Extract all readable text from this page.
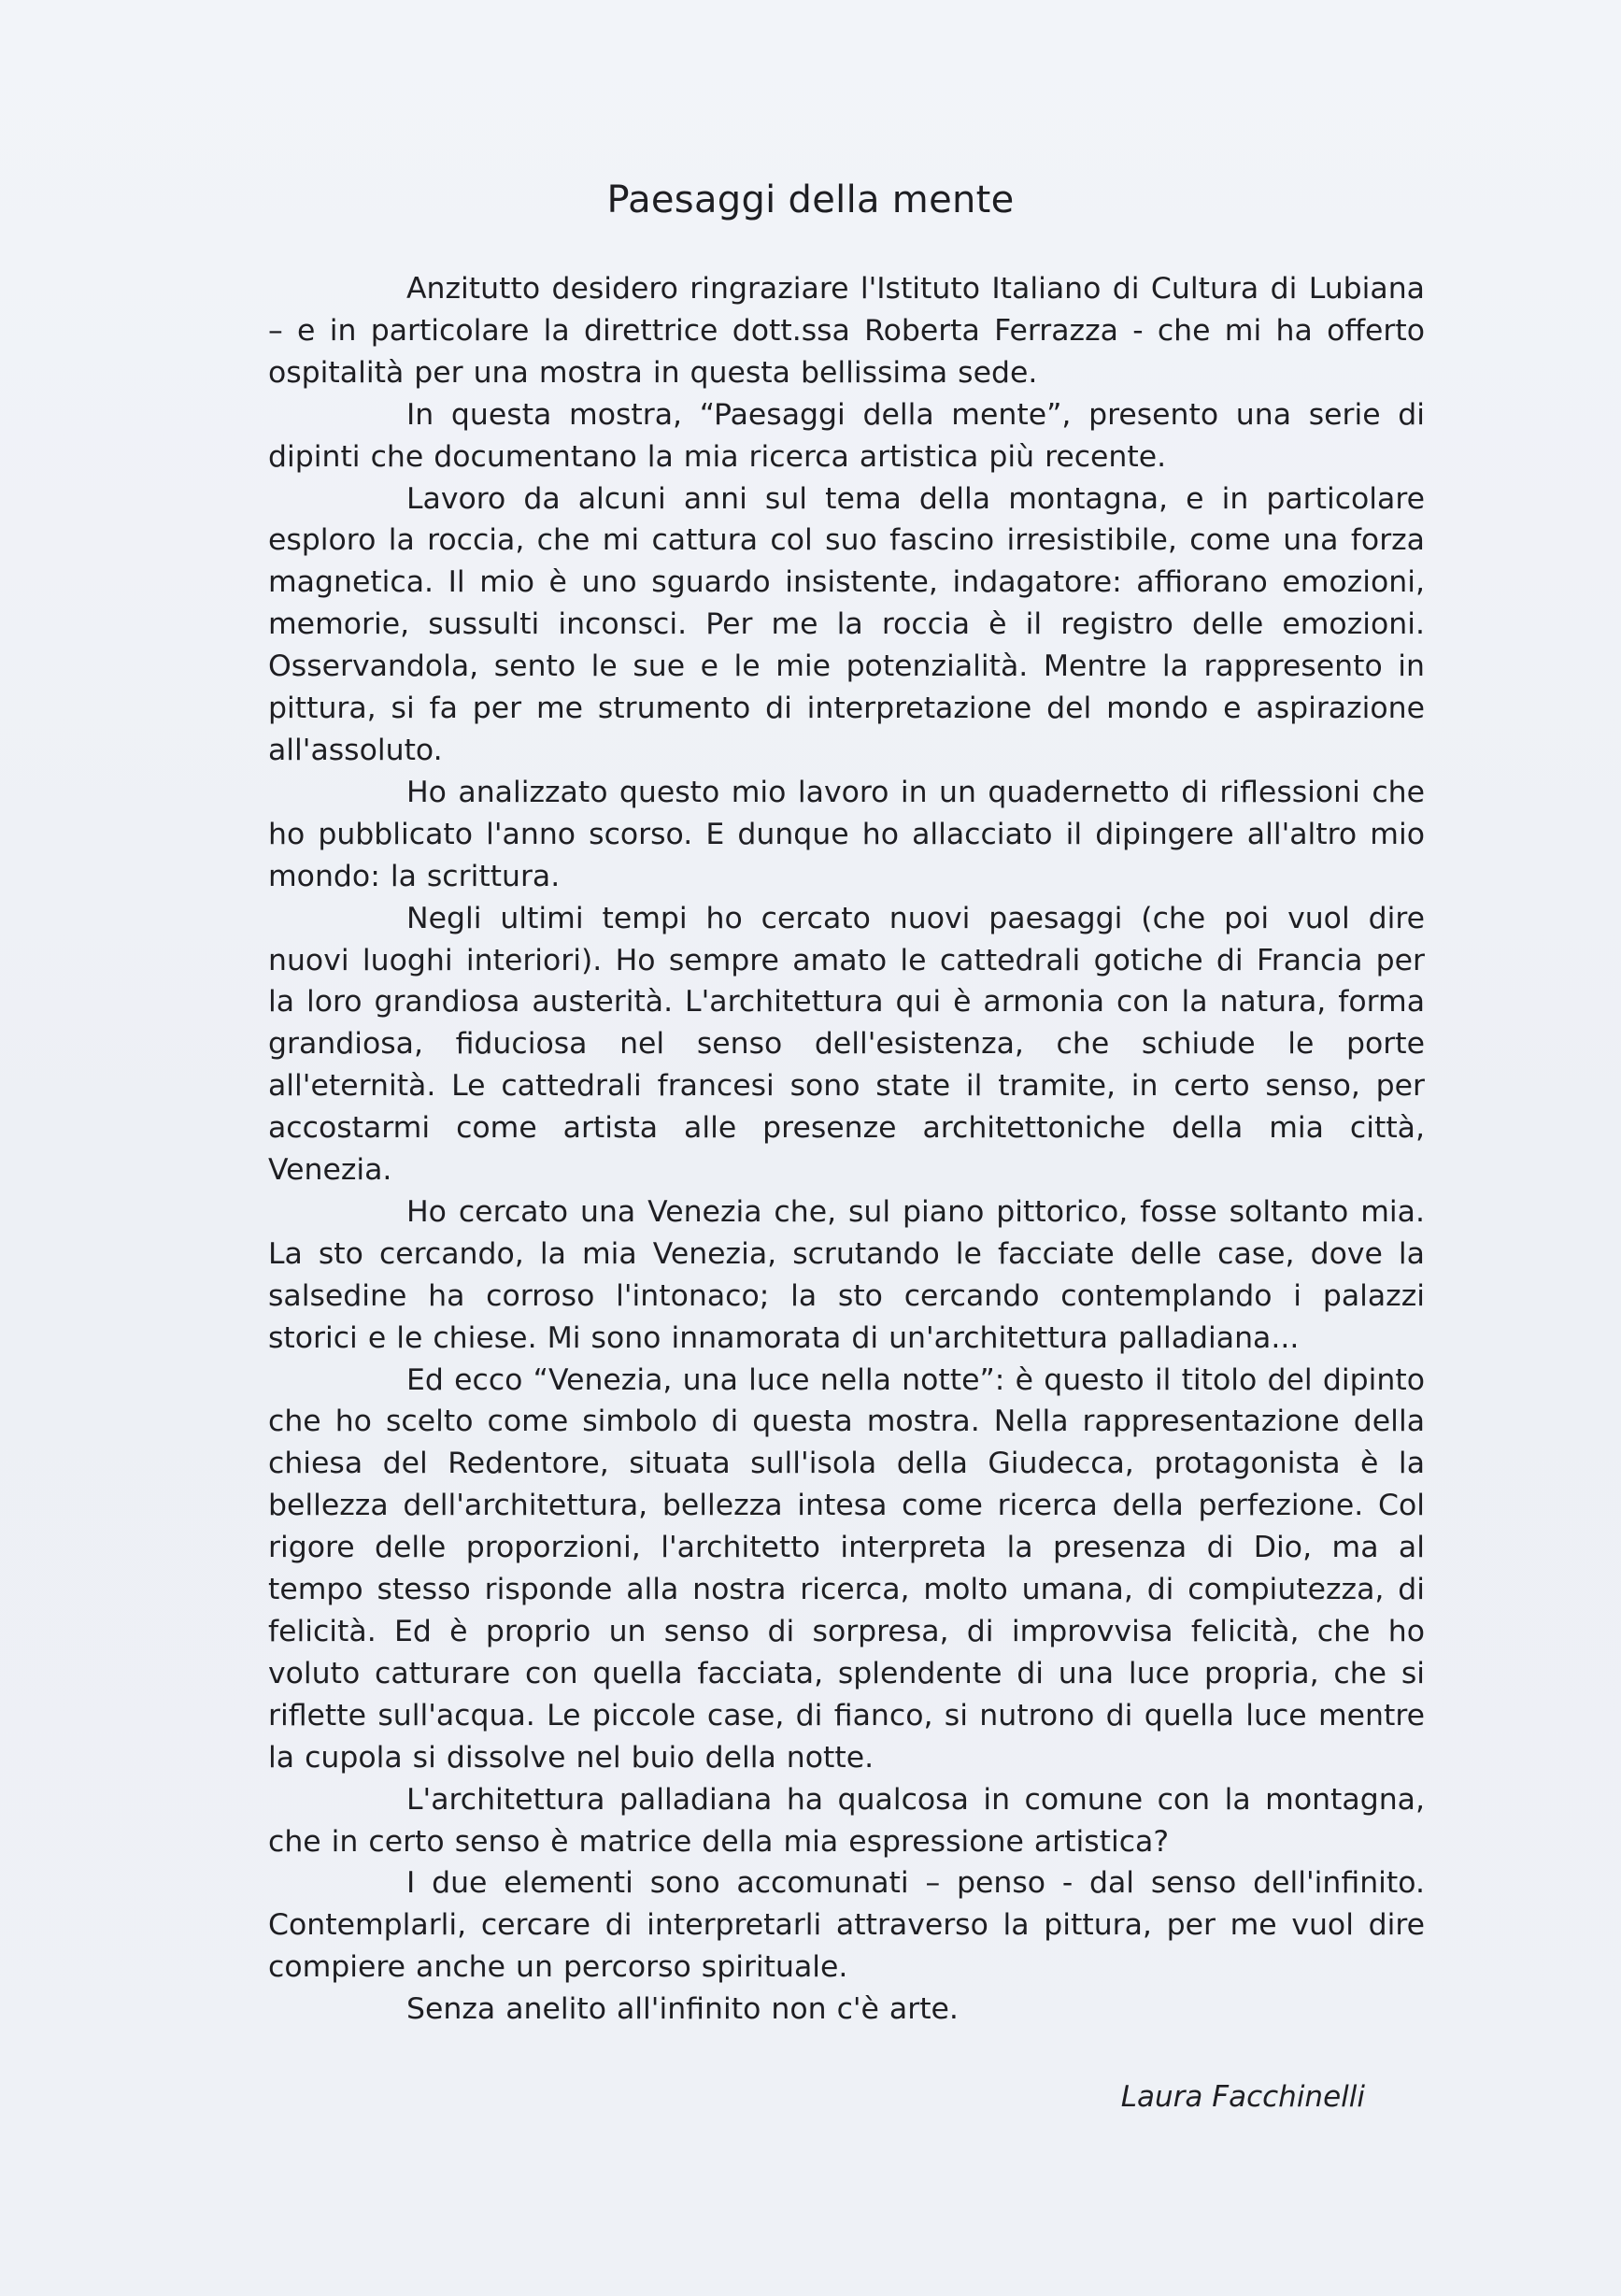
Paesaggi della mente

Anzitutto desidero ringraziare l'Istituto Italiano di Cultura di Lubiana – e in particolare la direttrice dott.ssa Roberta Ferrazza - che mi ha offerto ospitalità per una mostra in questa bellissima sede.

In questa mostra, “Paesaggi della mente”, presento una serie di dipinti che documentano la mia ricerca artistica più recente.

Lavoro da alcuni anni sul tema della montagna, e in particolare esploro la roccia, che mi cattura col suo fascino irresistibile, come una forza magnetica. Il mio è uno sguardo insistente, indagatore: affiorano emozioni, memorie, sussulti inconsci. Per me la roccia è il registro delle emozioni. Osservandola, sento le sue e le mie potenzialità. Mentre la rappresento in pittura, si fa per me strumento di interpretazione del mondo e aspirazione all'assoluto.

Ho analizzato questo mio lavoro in un quadernetto di riflessioni che ho pubblicato l'anno scorso. E dunque ho allacciato il dipingere all'altro mio mondo: la scrittura.

Negli ultimi tempi ho cercato nuovi paesaggi (che poi vuol dire nuovi luoghi interiori). Ho sempre amato le cattedrali gotiche di Francia per la loro grandiosa austerità. L'architettura qui è armonia con la natura, forma grandiosa, fiduciosa nel senso dell'esistenza, che schiude le porte all'eternità. Le cattedrali francesi sono state il tramite, in certo senso, per accostarmi come artista alle presenze architettoniche della mia città, Venezia.

Ho cercato una Venezia che, sul piano pittorico, fosse soltanto mia. La sto cercando, la mia Venezia, scrutando le facciate delle case, dove la salsedine ha corroso l'intonaco; la sto cercando contemplando i palazzi storici e le chiese. Mi sono innamorata di un'architettura palladiana...

Ed ecco “Venezia, una luce nella notte”: è questo il titolo del dipinto che ho scelto come simbolo di questa mostra. Nella rappresentazione della chiesa del Redentore, situata sull'isola della Giudecca, protagonista è la bellezza dell'architettura, bellezza intesa come ricerca della perfezione. Col rigore delle proporzioni, l'architetto interpreta la presenza di Dio, ma al tempo stesso risponde alla nostra ricerca, molto umana, di compiutezza, di felicità. Ed è proprio un senso di sorpresa, di improvvisa felicità, che ho voluto catturare con quella facciata, splendente di una luce propria, che si riflette sull'acqua. Le piccole case, di fianco, si nutrono di quella luce mentre la cupola si dissolve nel buio della notte.

L'architettura palladiana ha qualcosa in comune con la montagna, che in certo senso è matrice della mia espressione artistica?

I due elementi sono accomunati – penso - dal senso dell'infinito. Contemplarli, cercare di interpretarli attraverso la pittura, per me vuol dire compiere anche un percorso spirituale.

Senza anelito all'infinito non c'è arte.

Laura Facchinelli
